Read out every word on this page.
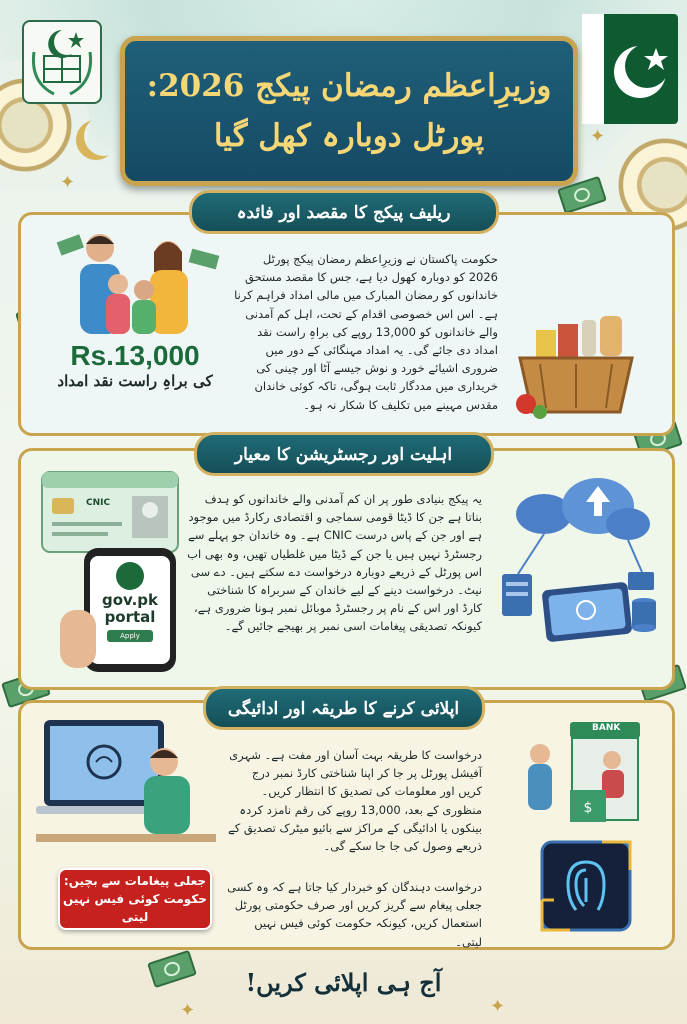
وزیرِاعظم رمضان پیکج 2026:
پورٹل دوبارہ کھل گیا
✦
✦
ریلیف پیکج کا مقصد اور فائدہ
Rs.13,000
کی براہِ راست نقد امداد
حکومت پاکستان نے وزیرِاعظم رمضان پیکج پورٹل 2026 کو دوبارہ کھول دیا ہے، جس کا مقصد مستحق خاندانوں کو رمضان المبارک میں مالی امداد فراہم کرنا ہے۔ اس اس خصوصی اقدام کے تحت، اہل کم آمدنی والے خاندانوں کو 13,000 روپے کی براہِ راست نقد امداد دی جائے گی۔ یہ امداد مہنگائی کے دور میں ضروری اشیائے خورد و نوش جیسے آٹا اور چینی کی خریداری میں مددگار ثابت ہوگی، تاکہ کوئی خاندان مقدس مہینے میں تکلیف کا شکار نہ ہو۔
اہلیت اور رجسٹریشن کا معیار
CNIC
gov.pk
portal
Apply
یہ پیکج بنیادی طور پر ان کم آمدنی والے خاندانوں کو ہدف بناتا ہے جن کا ڈیٹا قومی سماجی و اقتصادی رکارڈ میں موجود ہے اور جن کے پاس درست CNIC ہے۔ وہ خاندان جو پہلے سے رجسٹرڈ نہیں ہیں یا جن کے ڈیٹا میں غلطیاں تھیں، وہ بھی اب اس پورٹل کے ذریعے دوبارہ درخواست دے سکتے ہیں۔ دے سی نیٹ۔ درخواست دینے کے لیے خاندان کے سربراہ کا شناختی کارڈ اور اس کے نام پر رجسٹرڈ موبائل نمبر ہونا ضروری ہے، کیونکہ تصدیقی پیغامات اسی نمبر پر بھیجے جائیں گے۔
اپلائی کرنے کا طریقہ اور ادائیگی
جعلی پیغامات سے بچیں:
حکومت کوئی فیس نہیں لیتی
درخواست کا طریقہ بہت آسان اور مفت ہے۔ شہری آفیشل پورٹل پر جا کر اپنا شناختی کارڈ نمبر درج کریں اور معلومات کی تصدیق کا انتظار کریں۔ منظوری کے بعد، 13,000 روپے کی رقم نامزد کردہ بینکوں یا ادائیگی کے مراکز سے بائیو میٹرک تصدیق کے ذریعے وصول کی جا جا سکے گی۔
درخواست دہندگان کو خبردار کیا جاتا ہے کہ وہ کسی جعلی پیغام سے گریز کریں اور صرف حکومتی پورٹل استعمال کریں، کیونکہ حکومت کوئی فیس نہیں لیتی۔
$
BANK
آج ہی اپلائی کریں!
✦	✦
